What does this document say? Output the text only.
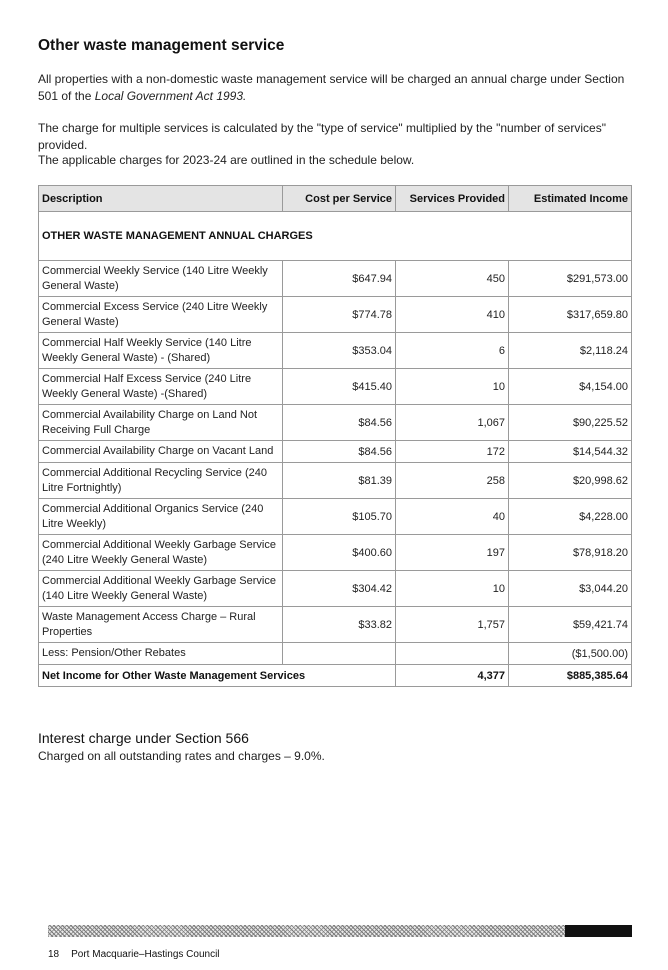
Other waste management service

All properties with a non-domestic waste management service will be charged an annual charge under Section 501 of the Local Government Act 1993.

The charge for multiple services is calculated by the "type of service" multiplied by the "number of services" provided.

The applicable charges for 2023-24 are outlined in the schedule below.

Description	Cost per Service	Services Provided	Estimated Income
OTHER WASTE MANAGEMENT ANNUAL CHARGES			
Commercial Weekly Service (140 Litre Weekly General Waste)	$647.94	450	$291,573.00
Commercial Excess Service (240 Litre Weekly General Waste)	$774.78	410	$317,659.80
Commercial Half Weekly Service (140 Litre Weekly General Waste) - (Shared)	$353.04	6	$2,118.24
Commercial Half Excess Service (240 Litre Weekly General Waste) -(Shared)	$415.40	10	$4,154.00
Commercial Availability Charge on Land Not Receiving Full Charge	$84.56	1,067	$90,225.52
Commercial Availability Charge on Vacant Land	$84.56	172	$14,544.32
Commercial Additional Recycling Service (240 Litre Fortnightly)	$81.39	258	$20,998.62
Commercial Additional Organics Service (240 Litre Weekly)	$105.70	40	$4,228.00
Commercial Additional Weekly Garbage Service (240 Litre Weekly General Waste)	$400.60	197	$78,918.20
Commercial Additional Weekly Garbage Service (140 Litre Weekly General Waste)	$304.42	10	$3,044.20
Waste Management Access Charge – Rural Properties	$33.82	1,757	$59,421.74
Less: Pension/Other Rebates			($1,500.00)
Net Income for Other Waste Management Services		4,377	$885,385.64
Interest charge under Section 566

Charged on all outstanding rates and charges – 9.0%.

18 Port Macquarie–Hastings Council
